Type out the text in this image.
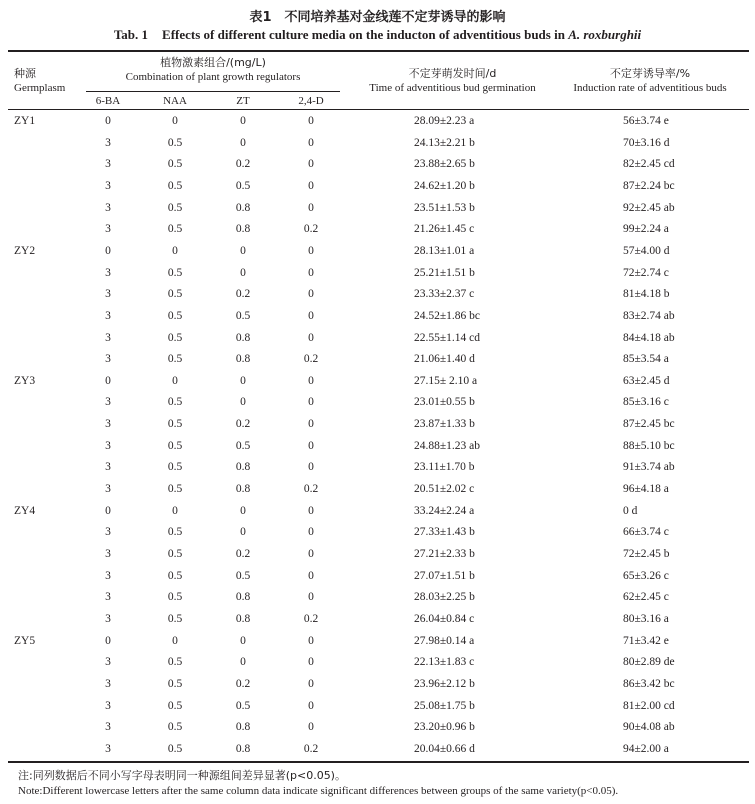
表1　不同培养基对金线莲不定芽诱导的影响
Tab. 1 Effects of different culture media on the inducton of adventitious buds in A. roxburghii
种源
Germplasm
植物激素组合/(mg/L)
Combination of plant growth regulators
6-BA	NAA	ZT	2,4-D
不定芽萌发时间/d
Time of adventitious bud germination
不定芽诱导率/%
Induction rate of adventitious buds
ZY1	0	0	0	0	28.09±2.23 a	56±3.74 e
3	0.5	0	0	24.13±2.21 b	70±3.16 d
3	0.5	0.2	0	23.88±2.65 b	82±2.45 cd
3	0.5	0.5	0	24.62±1.20 b	87±2.24 bc
3	0.5	0.8	0	23.51±1.53 b	92±2.45 ab
3	0.5	0.8	0.2	21.26±1.45 c	99±2.24 a
ZY2	0	0	0	0	28.13±1.01 a	57±4.00 d
3	0.5	0	0	25.21±1.51 b	72±2.74 c
3	0.5	0.2	0	23.33±2.37 c	81±4.18 b
3	0.5	0.5	0	24.52±1.86 bc	83±2.74 ab
3	0.5	0.8	0	22.55±1.14 cd	84±4.18 ab
3	0.5	0.8	0.2	21.06±1.40 d	85±3.54 a
ZY3	0	0	0	0	27.15± 2.10 a	63±2.45 d
3	0.5	0	0	23.01±0.55 b	85±3.16 c
3	0.5	0.2	0	23.87±1.33 b	87±2.45 bc
3	0.5	0.5	0	24.88±1.23 ab	88±5.10 bc
3	0.5	0.8	0	23.11±1.70 b	91±3.74 ab
3	0.5	0.8	0.2	20.51±2.02 c	96±4.18 a
ZY4	0	0	0	0	33.24±2.24 a	0 d
3	0.5	0	0	27.33±1.43 b	66±3.74 c
3	0.5	0.2	0	27.21±2.33 b	72±2.45 b
3	0.5	0.5	0	27.07±1.51 b	65±3.26 c
3	0.5	0.8	0	28.03±2.25 b	62±2.45 c
3	0.5	0.8	0.2	26.04±0.84 c	80±3.16 a
ZY5	0	0	0	0	27.98±0.14 a	71±3.42 e
3	0.5	0	0	22.13±1.83 c	80±2.89 de
3	0.5	0.2	0	23.96±2.12 b	86±3.42 bc
3	0.5	0.5	0	25.08±1.75 b	81±2.00 cd
3	0.5	0.8	0	23.20±0.96 b	90±4.08 ab
3	0.5	0.8	0.2	20.04±0.66 d	94±2.00 a
注:同列数据后不同小写字母表明同一种源组间差异显著(p<0.05)。
Note:Different lowercase letters after the same column data indicate significant differences between groups of the same variety(p<0.05).
